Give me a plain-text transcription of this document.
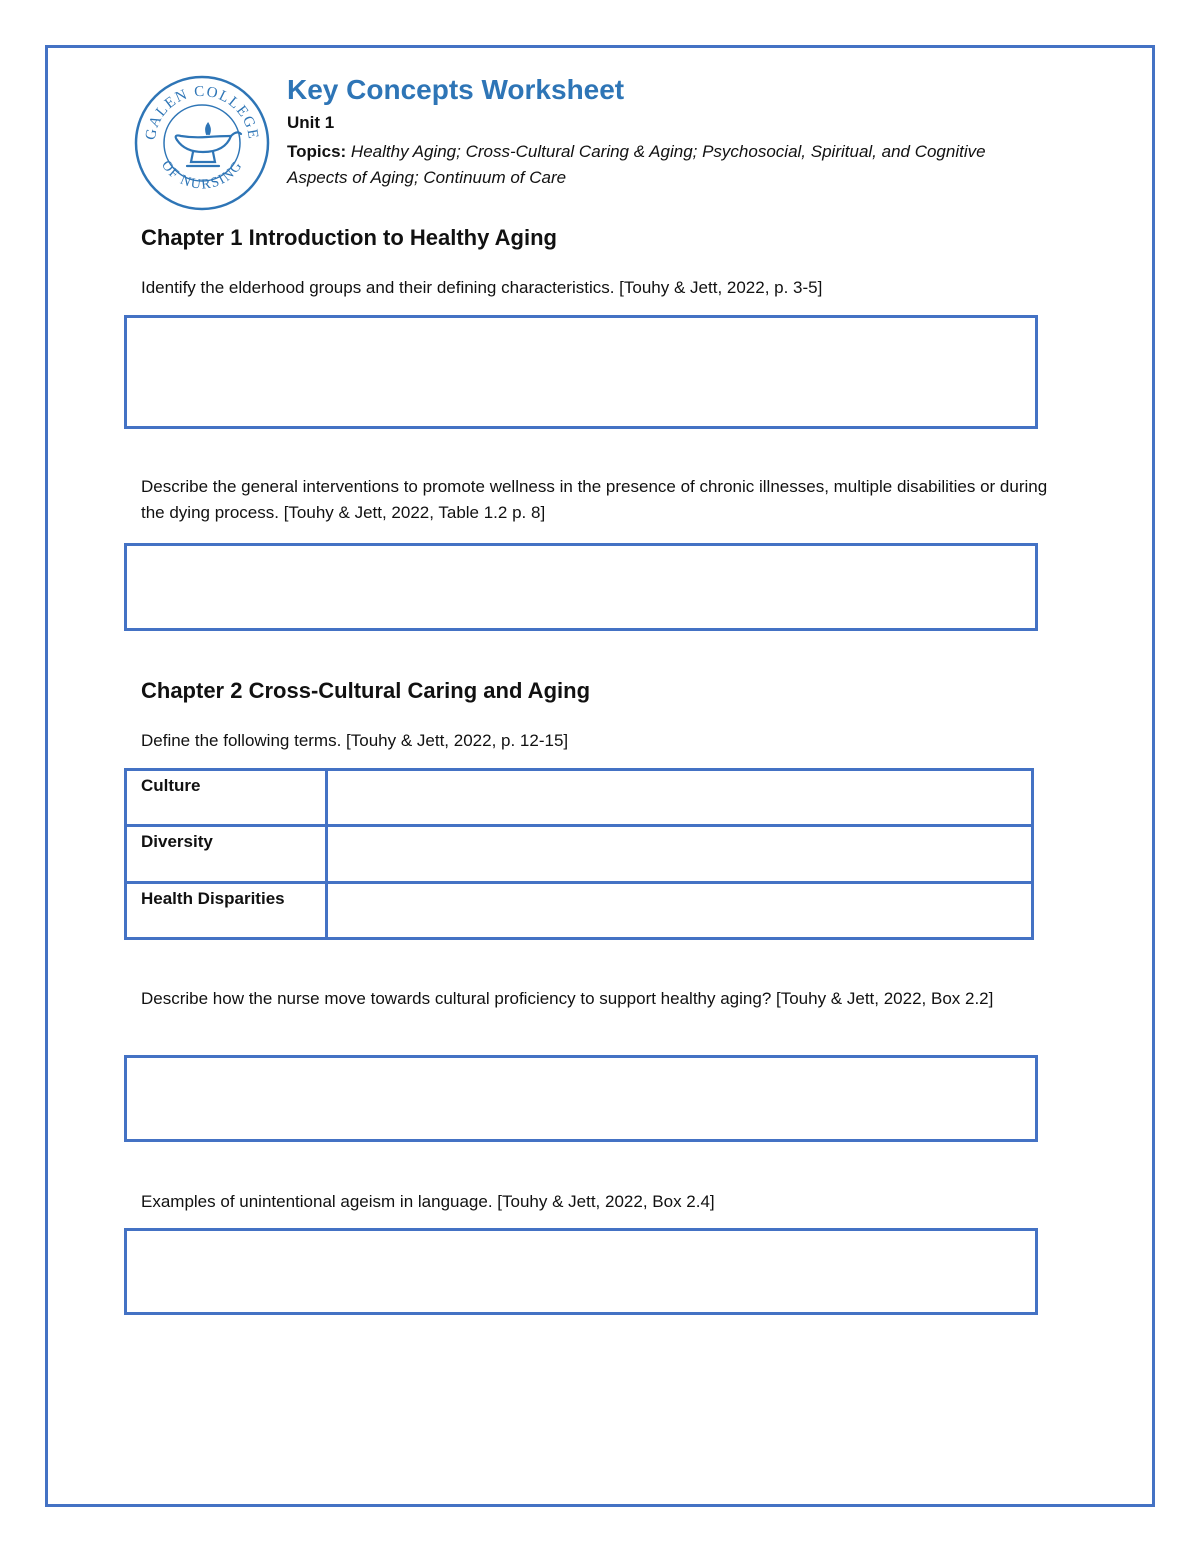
GALEN COLLEGE
OF NURSING
Key Concepts Worksheet
Unit 1
Topics: Healthy Aging; Cross-Cultural Caring & Aging; Psychosocial, Spiritual, and Cognitive Aspects of Aging; Continuum of Care
Chapter 1 Introduction to Healthy Aging
Identify the elderhood groups and their defining characteristics. [Touhy & Jett, 2022, p. 3-5]
Describe the general interventions to promote wellness in the presence of chronic illnesses, multiple disabilities or during the dying process. [Touhy & Jett, 2022, Table 1.2 p. 8]
Chapter 2 Cross-Cultural Caring and Aging
Define the following terms. [Touhy & Jett, 2022, p. 12-15]
Culture	
Diversity	
Health Disparities	
Describe how the nurse move towards cultural proficiency to support healthy aging? [Touhy & Jett, 2022, Box 2.2]
Examples of unintentional ageism in language. [Touhy & Jett, 2022, Box 2.4]
